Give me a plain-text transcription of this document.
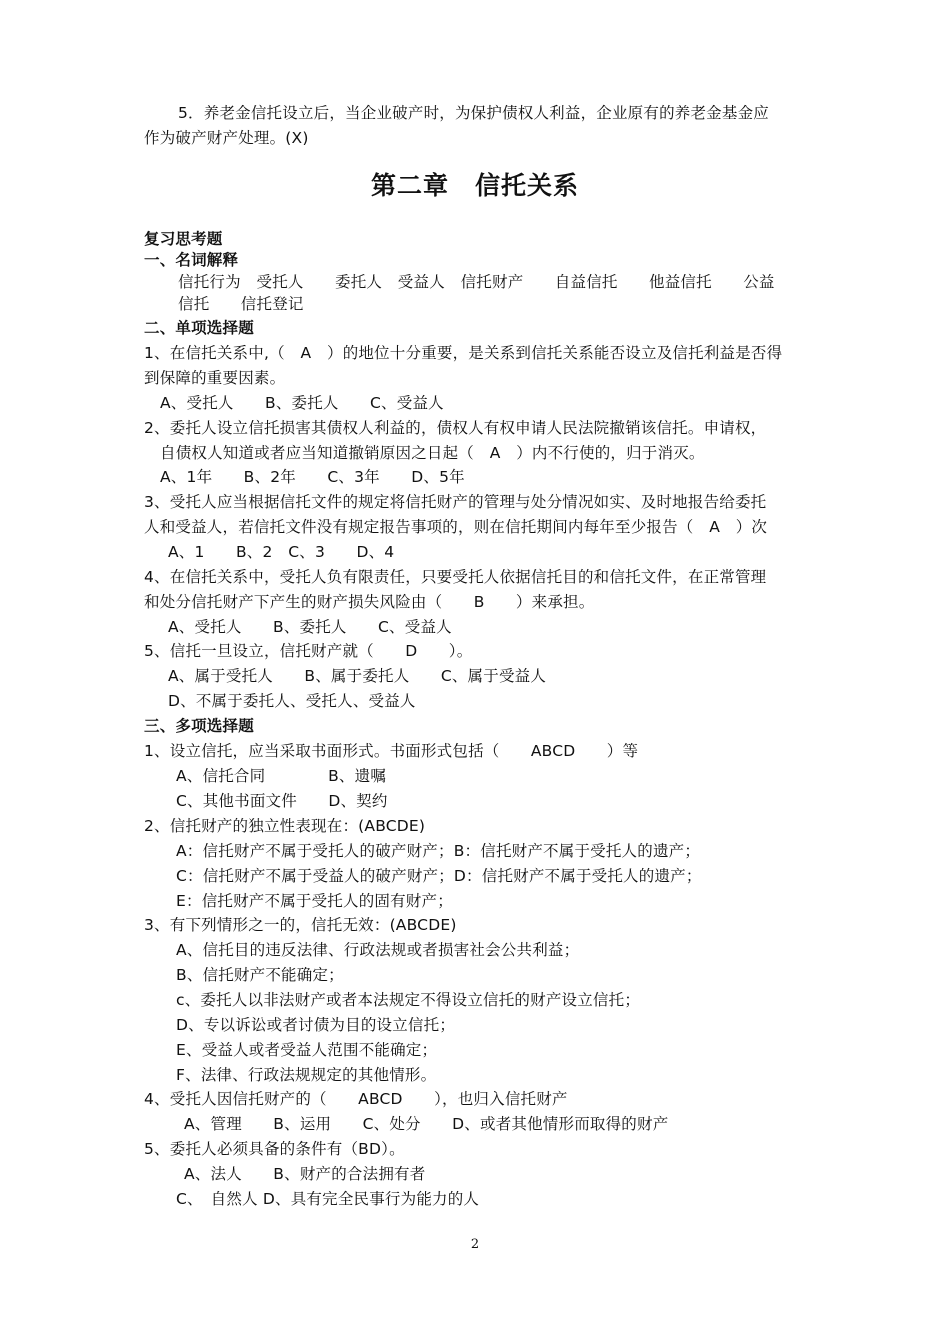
5．养老金信托设立后，当企业破产时，为保护债权人利益，企业原有的养老金基金应
作为破产财产处理。(X)
第二章　信托关系
复习思考题
一、名词解释
信托行为　受托人　　委托人　受益人　信托财产　　自益信托　　他益信托　　公益
信托　　信托登记
二、单项选择题
1、在信托关系中,（　A　）的地位十分重要，是关系到信托关系能否设立及信托利益是否得
到保障的重要因素。
A、受托人　　B、委托人　　C、受益人
2、委托人设立信托损害其债权人利益的，债权人有权申请人民法院撤销该信托。申请权，
自债权人知道或者应当知道撤销原因之日起（　A　）内不行使的，归于消灭。
A、1年　　B、2年　　C、3年　　D、5年
3、受托人应当根据信托文件的规定将信托财产的管理与处分情况如实、及时地报告给委托
人和受益人，若信托文件没有规定报告事项的，则在信托期间内每年至少报告（　A　）次
A、1　　B、2　C、3　　D、4
4、在信托关系中，受托人负有限责任，只要受托人依据信托目的和信托文件，在正常管理
和处分信托财产下产生的财产损失风险由（　　B　　）来承担。
A、受托人　　B、委托人　　C、受益人
5、信托一旦设立，信托财产就（　　D　　）。
A、属于受托人　　B、属于委托人　　C、属于受益人
D、不属于委托人、受托人、受益人
三、多项选择题
1、设立信托，应当采取书面形式。书面形式包括（　　ABCD　　）等
A、信托合同　　　　B、遗嘱
C、其他书面文件　　D、契约
2、信托财产的独立性表现在：(ABCDE)
A：信托财产不属于受托人的破产财产；B：信托财产不属于受托人的遗产；
C：信托财产不属于受益人的破产财产；D：信托财产不属于受托人的遗产；
E：信托财产不属于受托人的固有财产；
3、有下列情形之一的，信托无效：(ABCDE)
A、信托目的违反法律、行政法规或者损害社会公共利益；
B、信托财产不能确定；
c、委托人以非法财产或者本法规定不得设立信托的财产设立信托；
D、专以诉讼或者讨债为目的设立信托；
E、受益人或者受益人范围不能确定；
F、法律、行政法规规定的其他情形。
4、受托人因信托财产的（　　ABCD　　），也归入信托财产
A、管理　　B、运用　　C、处分　　D、或者其他情形而取得的财产
5、委托人必须具备的条件有（BD）。
A、法人　　B、财产的合法拥有者
C、　自然人 D、具有完全民事行为能力的人
2
